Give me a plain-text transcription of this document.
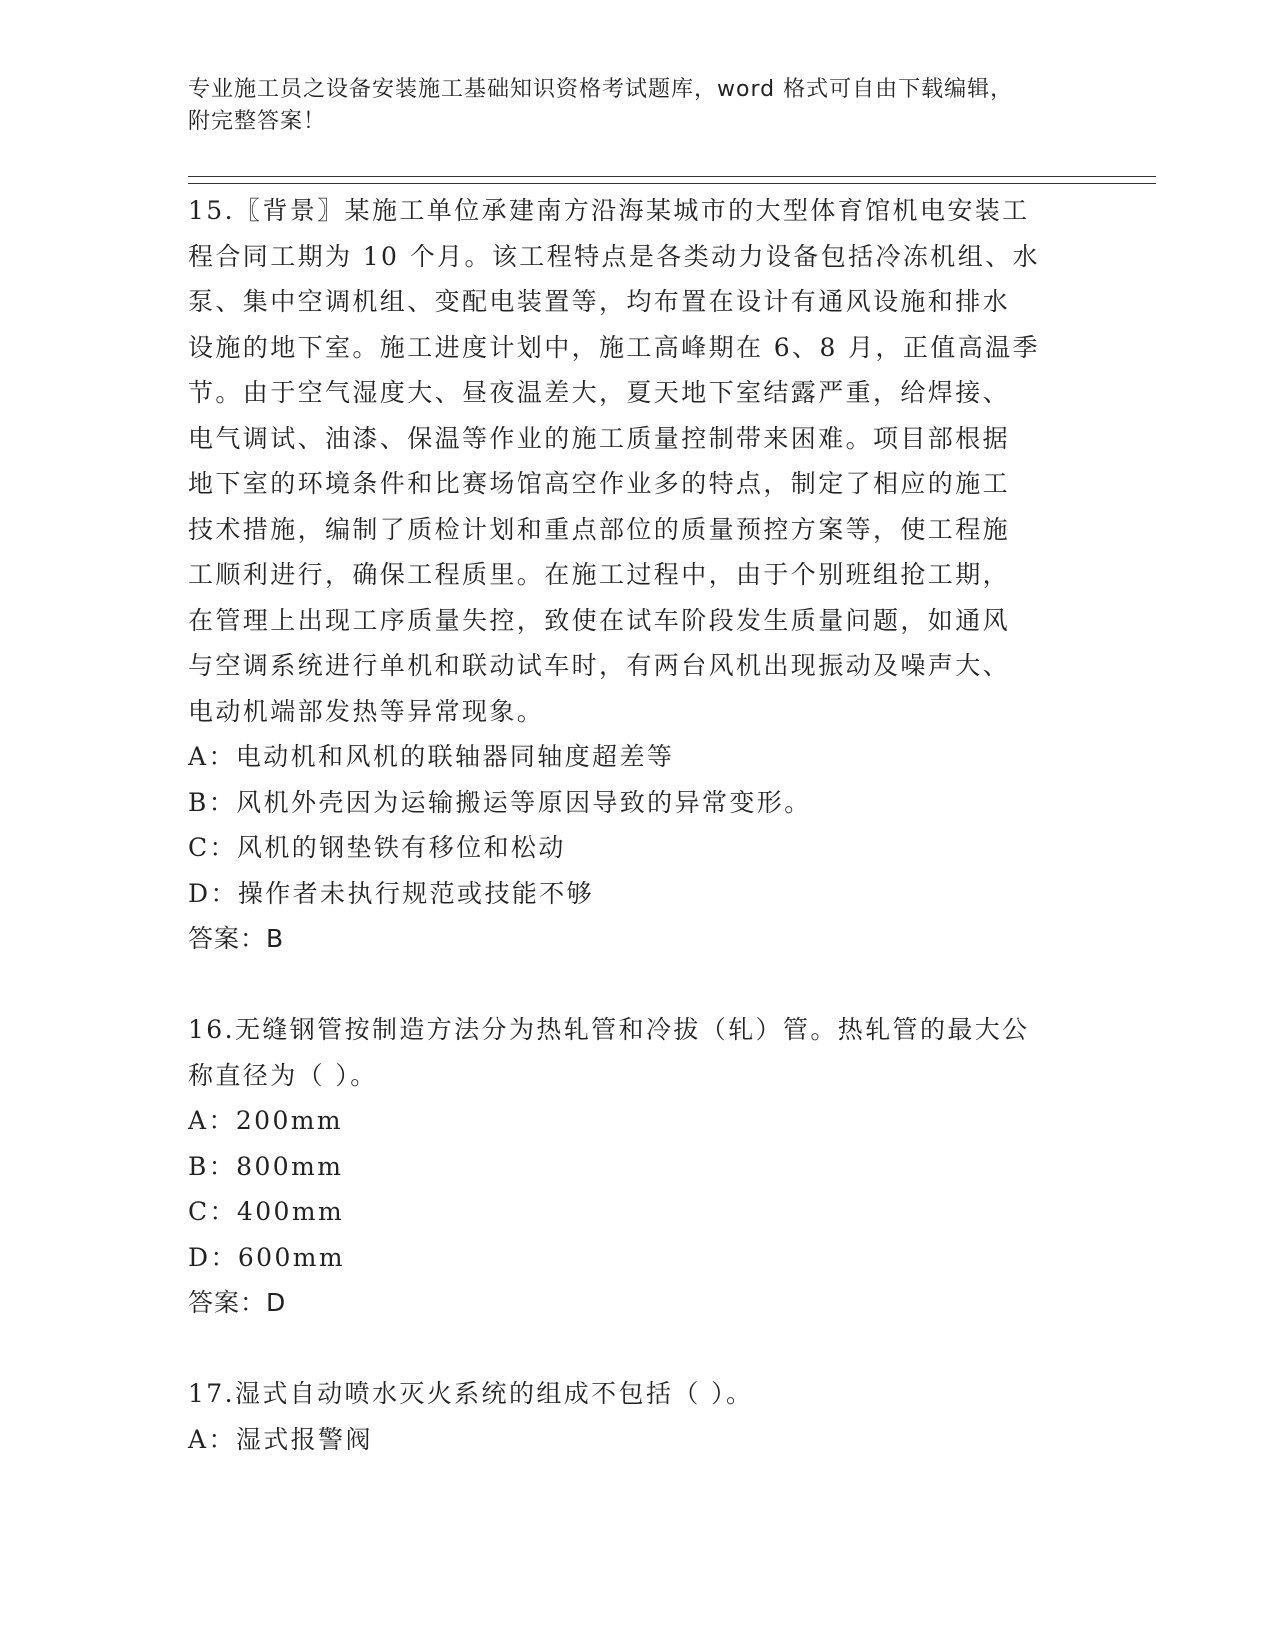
专业施工员之设备安装施工基础知识资格考试题库，word 格式可自由下载编辑，
附完整答案！
15.〖背景〗某施工单位承建南方沿海某城市的大型体育馆机电安装工
程合同工期为 10 个月。该工程特点是各类动力设备包括冷冻机组、水
泵、集中空调机组、变配电装置等，均布置在设计有通风设施和排水
设施的地下室。施工进度计划中，施工高峰期在 6、8 月，正值高温季
节。由于空气湿度大、昼夜温差大，夏天地下室结露严重，给焊接、
电气调试、油漆、保温等作业的施工质量控制带来困难。项目部根据
地下室的环境条件和比赛场馆高空作业多的特点，制定了相应的施工
技术措施，编制了质检计划和重点部位的质量预控方案等，使工程施
工顺利进行，确保工程质里。在施工过程中，由于个别班组抢工期，
在管理上出现工序质量失控，致使在试车阶段发生质量问题，如通风
与空调系统进行单机和联动试车时，有两台风机出现振动及噪声大、
电动机端部发热等异常现象。
A：电动机和风机的联轴器同轴度超差等
B：风机外壳因为运输搬运等原因导致的异常变形。
C：风机的钢垫铁有移位和松动
D：操作者未执行规范或技能不够
答案：B
16.无缝钢管按制造方法分为热轧管和冷拔（轧）管。热轧管的最大公
称直径为（ ）。
A：200mm
B：800mm
C：400mm
D：600mm
答案：D
17.湿式自动喷水灭火系统的组成不包括（ ）。
A：湿式报警阀
